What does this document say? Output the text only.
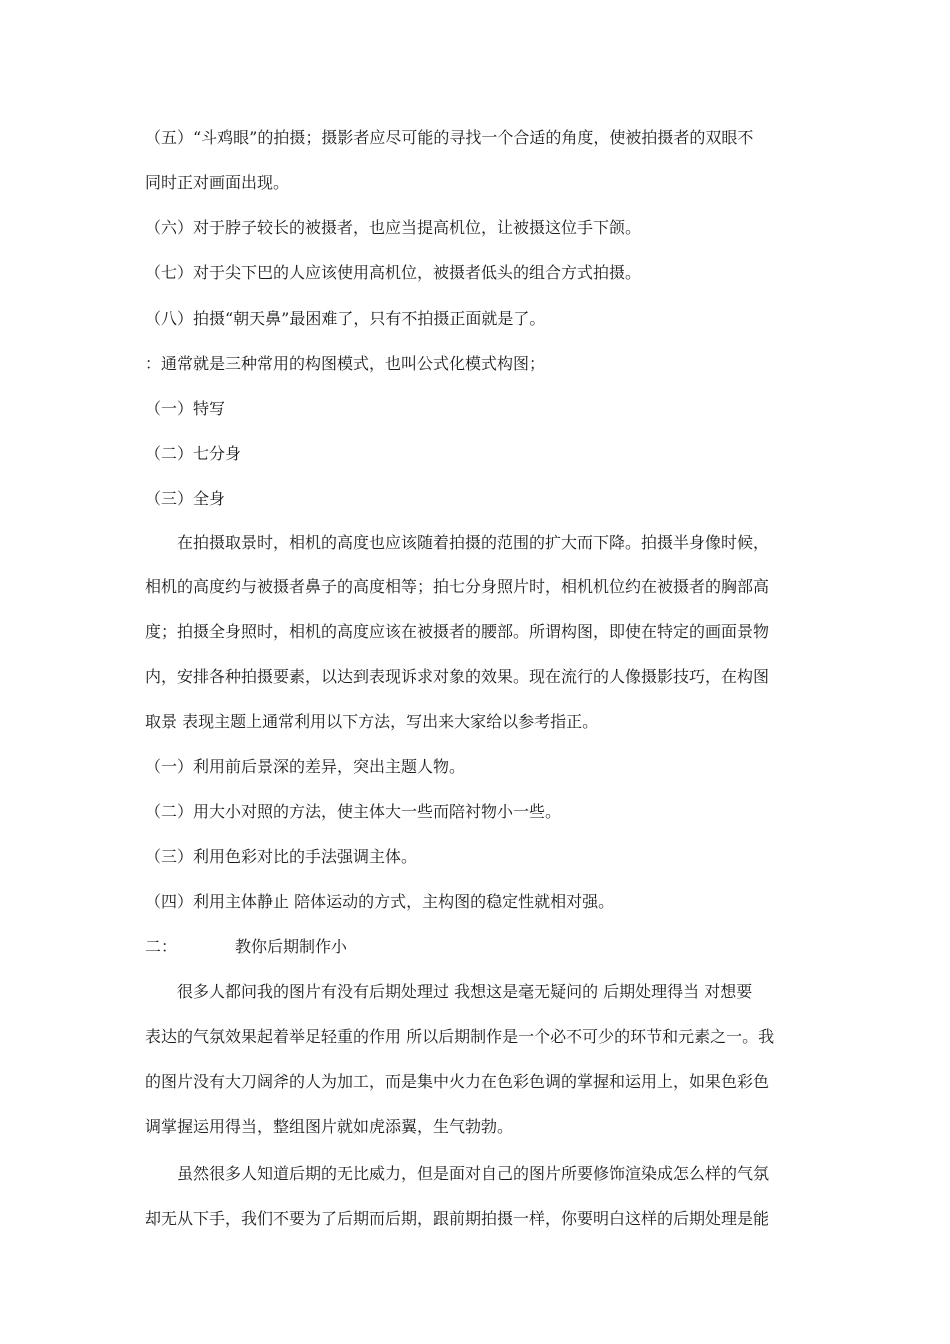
（五）“斗鸡眼”的拍摄；摄影者应尽可能的寻找一个合适的角度，使被拍摄者的双眼不
同时正对画面出现。
（六）对于脖子较长的被摄者，也应当提高机位，让被摄这位手下颌。
（七）对于尖下巴的人应该使用高机位，被摄者低头的组合方式拍摄。
（八）拍摄“朝天鼻”最困难了，只有不拍摄正面就是了。
：通常就是三种常用的构图模式，也叫公式化模式构图；
（一）特写
（二）七分身
（三）全身
在拍摄取景时，相机的高度也应该随着拍摄的范围的扩大而下降。拍摄半身像时候，
相机的高度约与被摄者鼻子的高度相等；拍七分身照片时，相机机位约在被摄者的胸部高
度；拍摄全身照时，相机的高度应该在被摄者的腰部。所谓构图，即使在特定的画面景物
内，安排各种拍摄要素，以达到表现诉求对象的效果。现在流行的人像摄影技巧，在构图
取景 表现主题上通常利用以下方法，写出来大家给以参考指正。
（一）利用前后景深的差异，突出主题人物。
（二）用大小对照的方法，使主体大一些而陪衬物小一些。
（三）利用色彩对比的手法强调主体。
（四）利用主体静止 陪体运动的方式，主构图的稳定性就相对强。
二：	教你后期制作小
很多人都问我的图片有没有后期处理过 我想这是毫无疑问的 后期处理得当 对想要
表达的气氛效果起着举足轻重的作用 所以后期制作是一个必不可少的环节和元素之一。我
的图片没有大刀阔斧的人为加工，而是集中火力在色彩色调的掌握和运用上，如果色彩色
调掌握运用得当，整组图片就如虎添翼，生气勃勃。
虽然很多人知道后期的无比威力，但是面对自己的图片所要修饰渲染成怎么样的气氛
却无从下手，我们不要为了后期而后期，跟前期拍摄一样，你要明白这样的后期处理是能
